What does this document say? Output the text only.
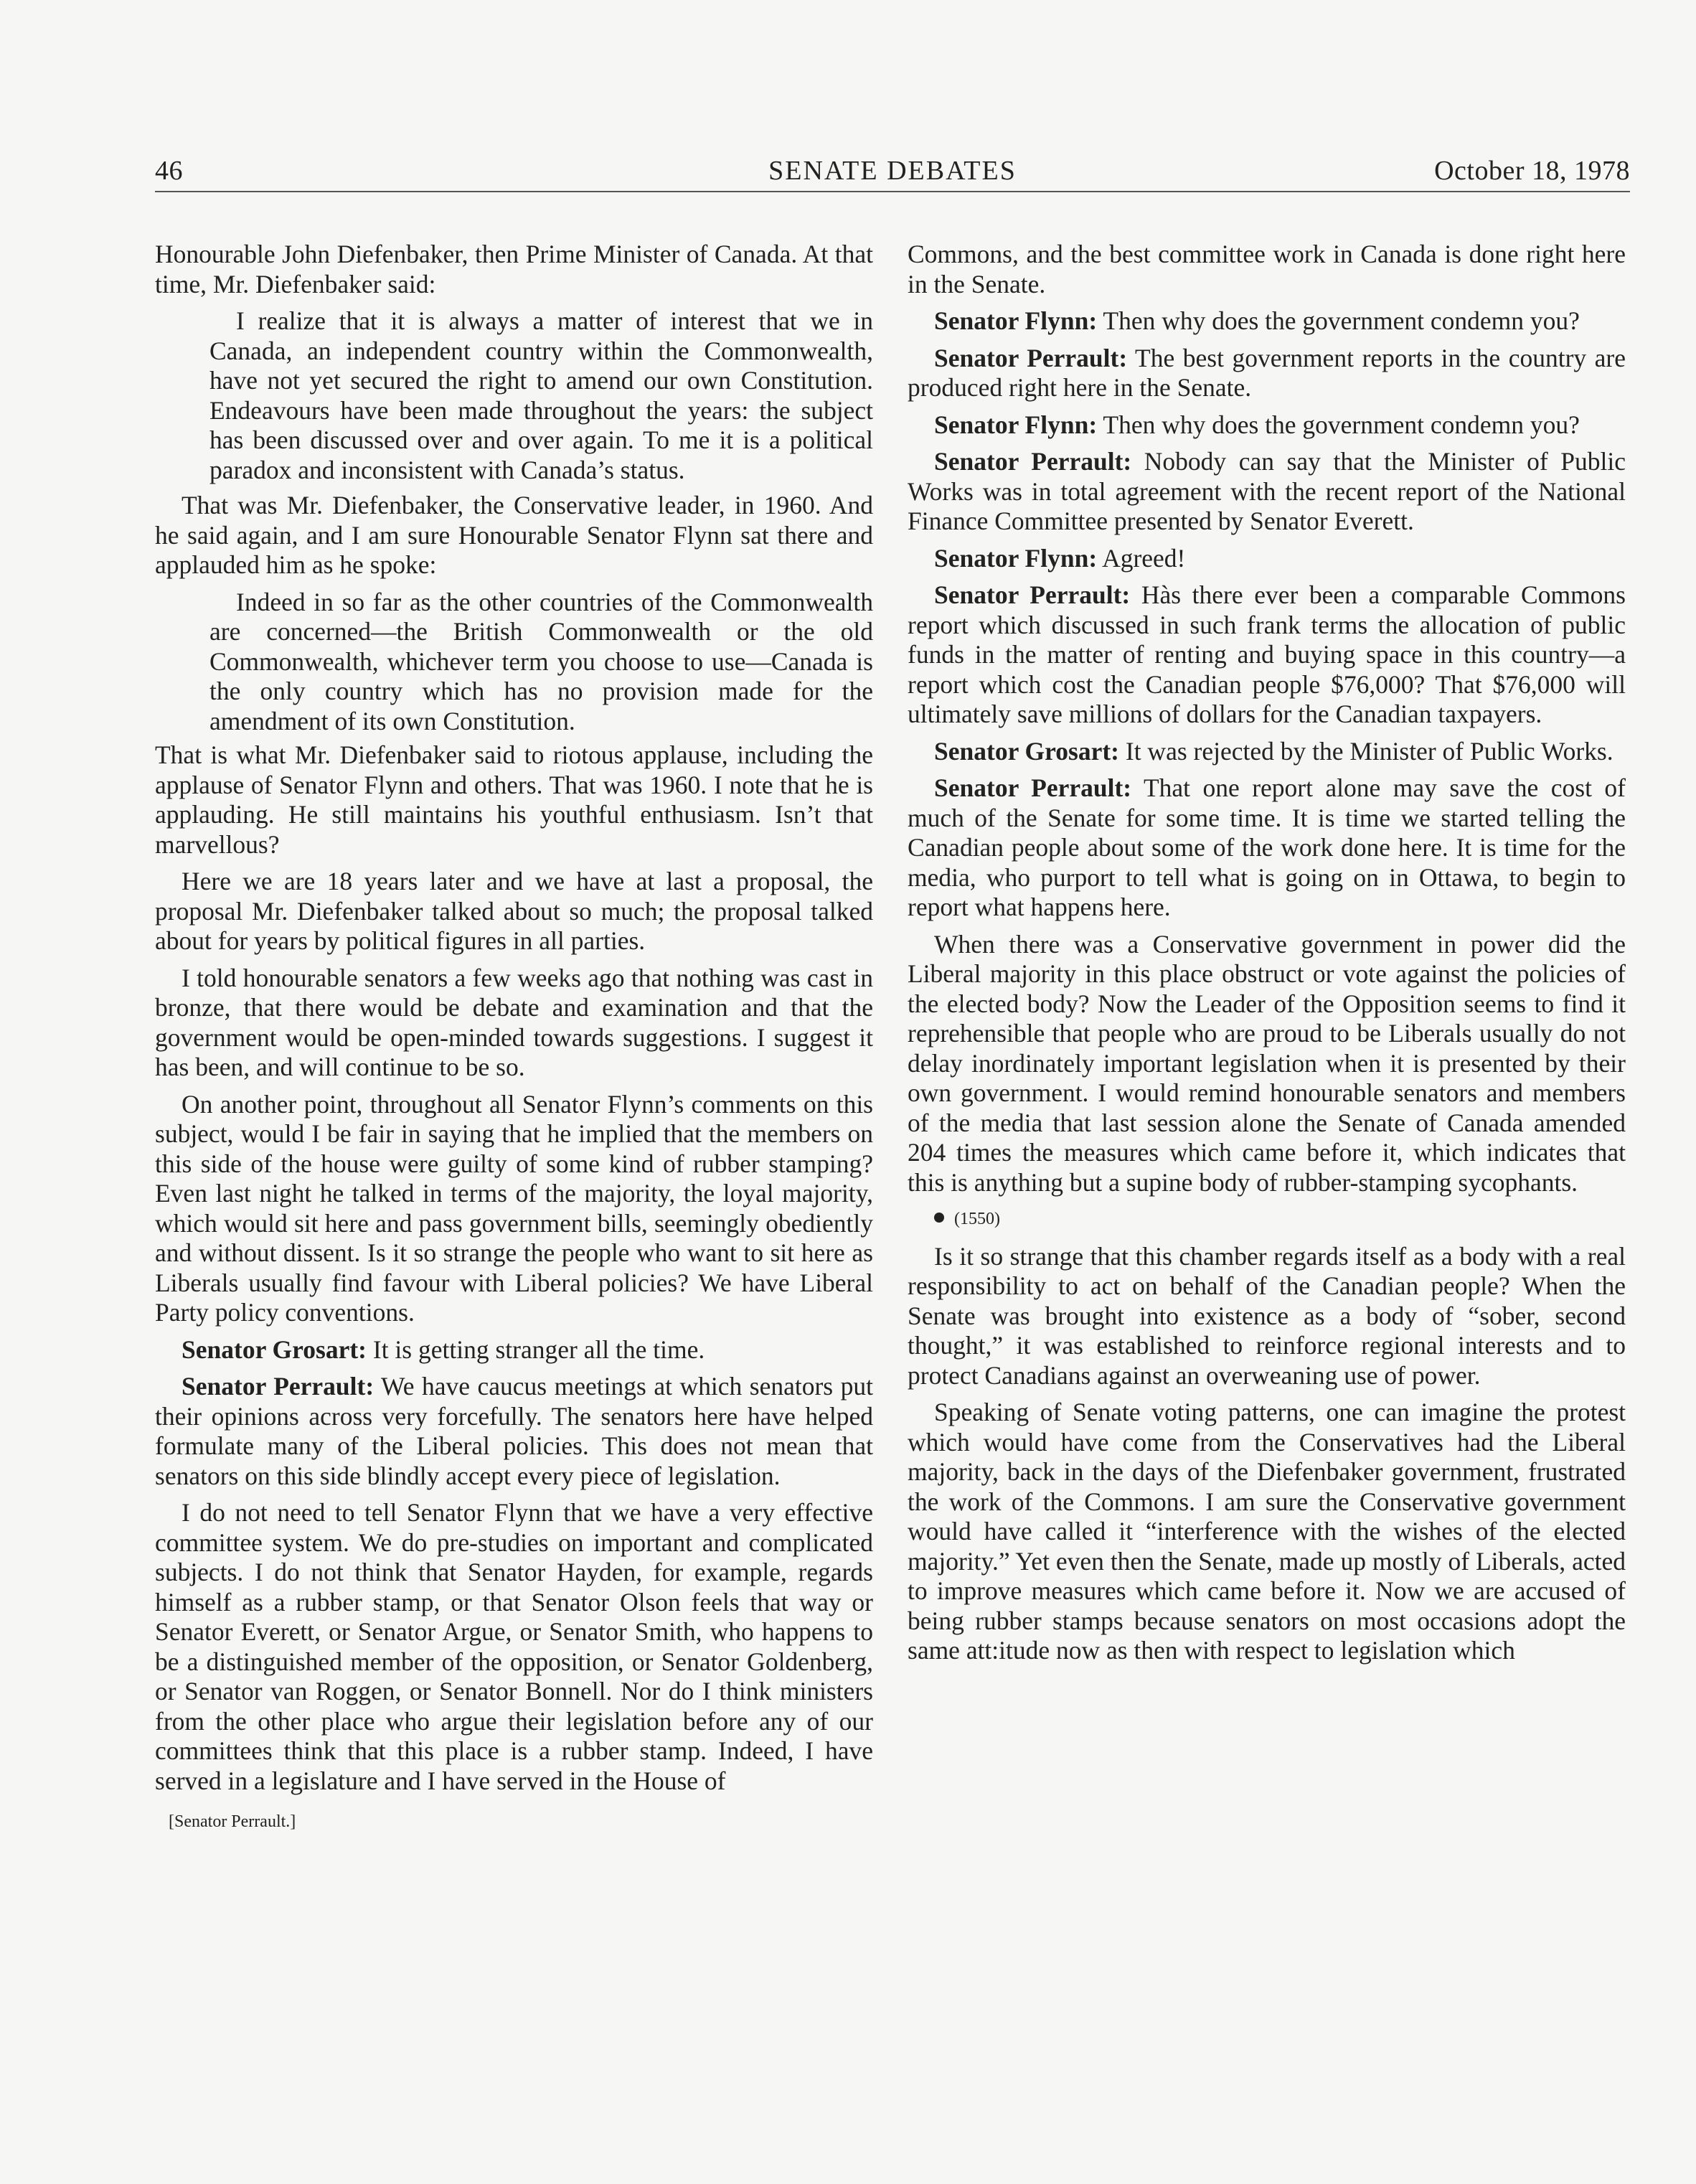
46	SENATE DEBATES	October 18, 1978

Honourable John Diefenbaker, then Prime Minister of Canada. At that time, Mr. Diefenbaker said:

I realize that it is always a matter of interest that we in Canada, an independent country within the Commonwealth, have not yet secured the right to amend our own Constitution. Endeavours have been made throughout the years: the subject has been discussed over and over again. To me it is a political paradox and inconsistent with Canada’s status.

That was Mr. Diefenbaker, the Conservative leader, in 1960. And he said again, and I am sure Honourable Senator Flynn sat there and applauded him as he spoke:

Indeed in so far as the other countries of the Commonwealth are concerned—the British Commonwealth or the old Commonwealth, whichever term you choose to use—Canada is the only country which has no provision made for the amendment of its own Constitution.

That is what Mr. Diefenbaker said to riotous applause, including the applause of Senator Flynn and others. That was 1960. I note that he is applauding. He still maintains his youthful enthusiasm. Isn’t that marvellous?

Here we are 18 years later and we have at last a proposal, the proposal Mr. Diefenbaker talked about so much; the proposal talked about for years by political figures in all parties.

I told honourable senators a few weeks ago that nothing was cast in bronze, that there would be debate and examination and that the government would be open-minded towards suggestions. I suggest it has been, and will continue to be so.

On another point, throughout all Senator Flynn’s comments on this subject, would I be fair in saying that he implied that the members on this side of the house were guilty of some kind of rubber stamping? Even last night he talked in terms of the majority, the loyal majority, which would sit here and pass government bills, seemingly obediently and without dissent. Is it so strange the people who want to sit here as Liberals usually find favour with Liberal policies? We have Liberal Party policy conventions.

Senator Grosart: It is getting stranger all the time.

Senator Perrault: We have caucus meetings at which senators put their opinions across very forcefully. The senators here have helped formulate many of the Liberal policies. This does not mean that senators on this side blindly accept every piece of legislation.

I do not need to tell Senator Flynn that we have a very effective committee system. We do pre-studies on important and complicated subjects. I do not think that Senator Hayden, for example, regards himself as a rubber stamp, or that Senator Olson feels that way or Senator Everett, or Senator Argue, or Senator Smith, who happens to be a distinguished member of the opposition, or Senator Goldenberg, or Senator van Roggen, or Senator Bonnell. Nor do I think ministers from the other place who argue their legislation before any of our committees think that this place is a rubber stamp. Indeed, I have served in a legislature and I have served in the House of

[Senator Perrault.]

Commons, and the best committee work in Canada is done right here in the Senate.

Senator Flynn: Then why does the government condemn you?

Senator Perrault: The best government reports in the country are produced right here in the Senate.

Senator Flynn: Then why does the government condemn you?

Senator Perrault: Nobody can say that the Minister of Public Works was in total agreement with the recent report of the National Finance Committee presented by Senator Everett.

Senator Flynn: Agreed!

Senator Perrault: Hàs there ever been a comparable Commons report which discussed in such frank terms the allocation of public funds in the matter of renting and buying space in this country—a report which cost the Canadian people $76,000? That $76,000 will ultimately save millions of dollars for the Canadian taxpayers.

Senator Grosart: It was rejected by the Minister of Public Works.

Senator Perrault: That one report alone may save the cost of much of the Senate for some time. It is time we started telling the Canadian people about some of the work done here. It is time for the media, who purport to tell what is going on in Ottawa, to begin to report what happens here.

When there was a Conservative government in power did the Liberal majority in this place obstruct or vote against the policies of the elected body? Now the Leader of the Opposition seems to find it reprehensible that people who are proud to be Liberals usually do not delay inordinately important legislation when it is presented by their own government. I would remind honourable senators and members of the media that last session alone the Senate of Canada amended 204 times the measures which came before it, which indicates that this is anything but a supine body of rubber-stamping sycophants.

(1550)

Is it so strange that this chamber regards itself as a body with a real responsibility to act on behalf of the Canadian people? When the Senate was brought into existence as a body of “sober, second thought,” it was established to reinforce regional interests and to protect Canadians against an overweaning use of power.

Speaking of Senate voting patterns, one can imagine the protest which would have come from the Conservatives had the Liberal majority, back in the days of the Diefenbaker government, frustrated the work of the Commons. I am sure the Conservative government would have called it “interference with the wishes of the elected majority.” Yet even then the Senate, made up mostly of Liberals, acted to improve measures which came before it. Now we are accused of being rubber stamps because senators on most occasions adopt the same att:itude now as then with respect to legislation which
